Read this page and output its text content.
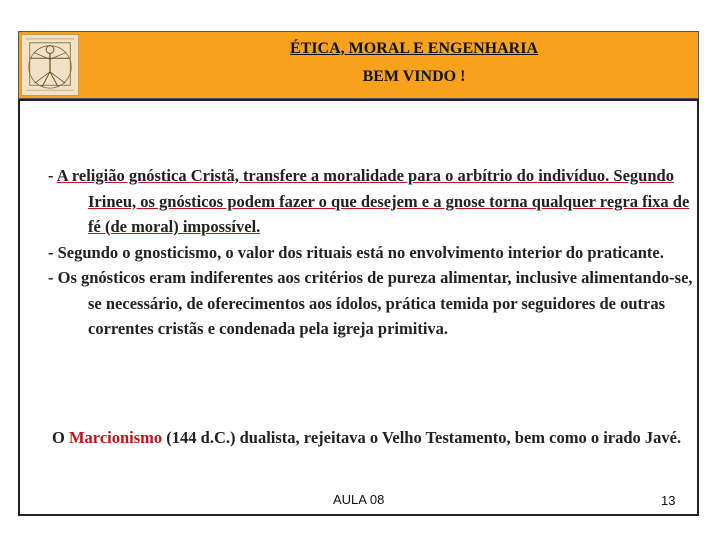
ÉTICA, MORAL E ENGENHARIA
BEM VINDO !

- A religião gnóstica Cristã, transfere a moralidade para o arbítrio do indivíduo. Segundo Irineu, os gnósticos podem fazer o que desejem e a gnose torna qualquer regra fixa de fé (de moral) impossível.

- Segundo o gnosticismo, o valor dos rituais está no envolvimento interior do praticante.

- Os gnósticos eram indiferentes aos critérios de pureza alimentar, inclusive alimentando-se, se necessário, de oferecimentos aos ídolos, prática temida por seguidores de outras correntes cristãs e condenada pela igreja primitiva.

O Marcionismo (144 d.C.) dualista, rejeitava o Velho Testamento, bem como o irado Javé.
AULA 08	13
